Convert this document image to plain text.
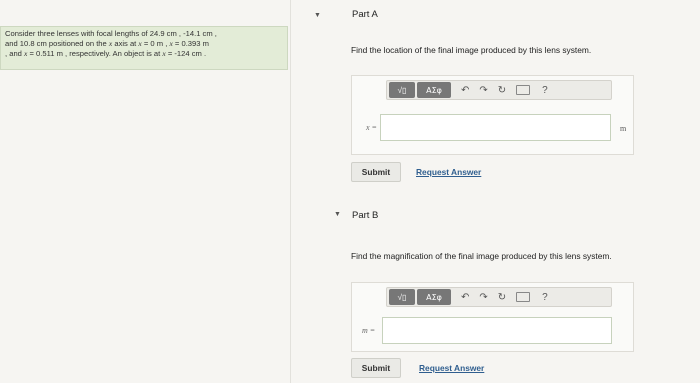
Consider three lenses with focal lengths of 24.9 cm , -14.1 cm ,
and 10.8 cm positioned on the x axis at x = 0 m , x = 0.393 m
, and x = 0.511 m , respectively. An object is at x = -124 cm .
▼	Part A
Find the location of the final image produced by this lens system.
√▯	ΑΣφ	↶ ↷ ↻	?
x =	m
Submit	Request Answer
▼ Part B
Find the magnification of the final image produced by this lens system.
√▯	ΑΣφ	↶ ↷ ↻	?
m =
Submit	Request Answer
